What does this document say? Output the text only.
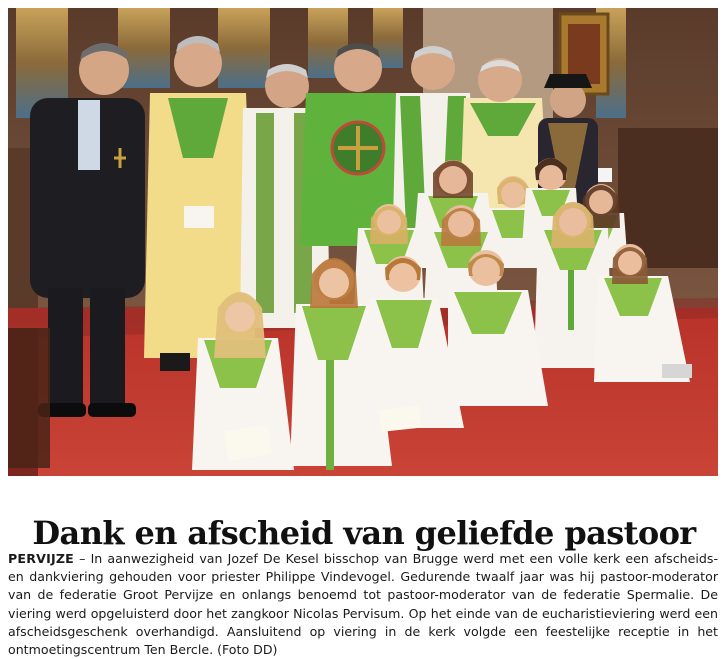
Dank en afscheid van geliefde pastoor

PERVIJZE – In aanwezigheid van Jozef De Kesel bisschop van Brugge werd met een volle kerk een afscheids- en dankviering gehouden voor priester Philippe Vindevogel. Gedurende twaalf jaar was hij pastoor-moderator van de federatie Groot Pervijze en onlangs benoemd tot pastoor-moderator van de federatie Spermalie. De viering werd opgeluisterd door het zangkoor Nicolas Pervisum. Op het einde van de eucharistieviering werd een afscheidsgeschenk overhandigd. Aansluitend op viering in de kerk volgde een feestelijke receptie in het ontmoetingscentrum Ten Bercle. (Foto DD)
